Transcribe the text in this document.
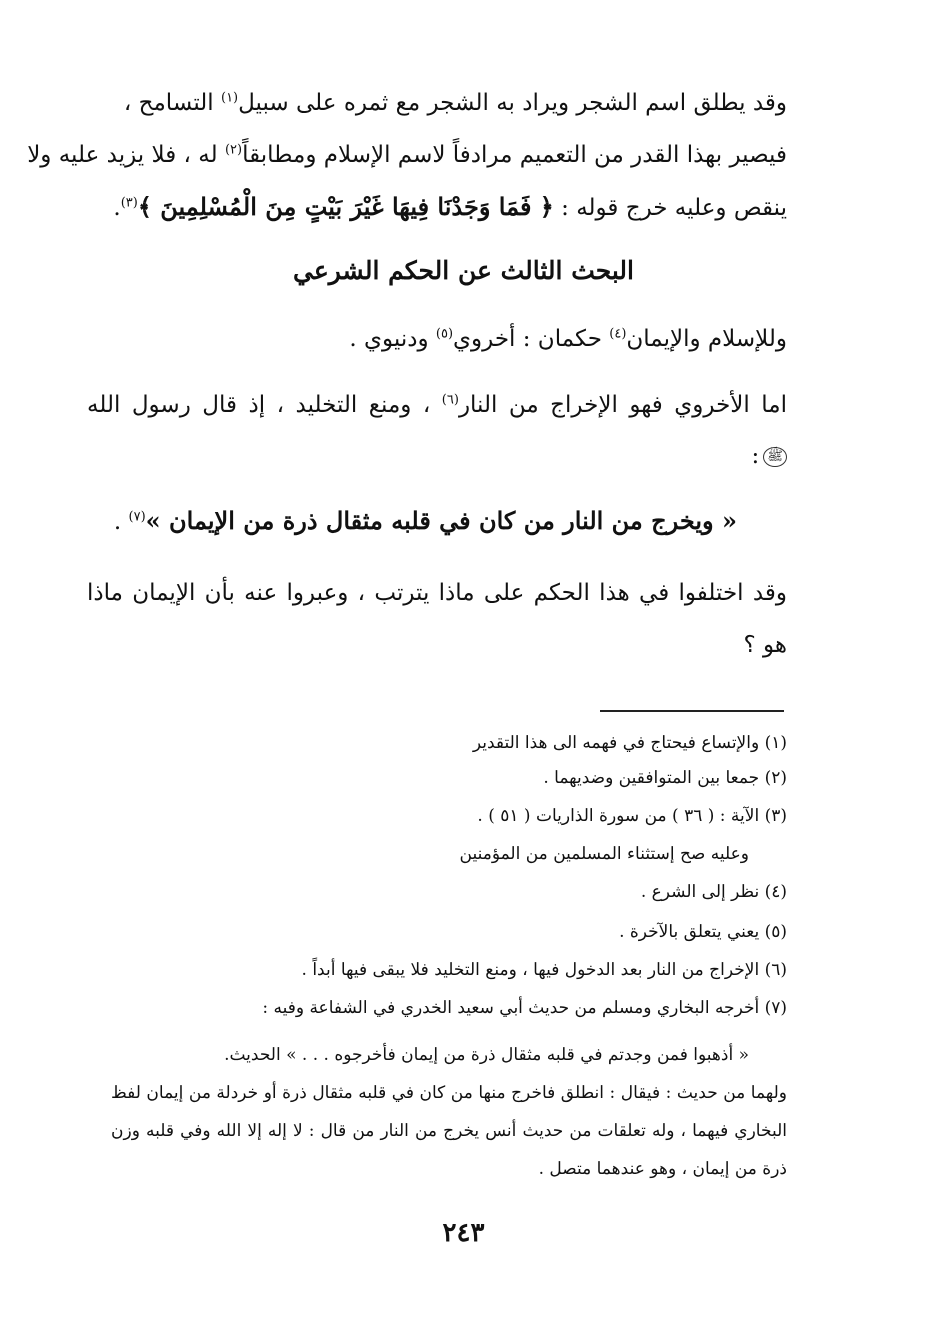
وقد يطلق اسم الشجر ويراد به الشجر مع ثمره على سبيل$^{(١)}$ التسامح ،
فيصير بهذا القدر من التعميم مرادفاً لاسم الإسلام ومطابقاً$^{(٢)}$ له ، فلا يزيد عليه ولا
ينقص وعليه خرج قوله : ﴿ فَمَا وَجَدْنَا فِيهَا غَيْرَ بَيْتٍ مِنَ الْمُسْلِمِينَ ﴾$^{(٣)}$.
البحث الثالث عن الحكم الشرعي
وللإسلام والإيمان$^{(٤)}$ حكمان : أخروي$^{(٥)}$ ودنيوي .
اما الأخروي فهو الإخراج من النار$^{(٦)}$ ، ومنع التخليد ، إذ قال رسول الله
ﷺ:
« ويخرج من النار من كان في قلبه مثقال ذرة من الإيمان »$^{(٧)}$ .
وقد اختلفوا في هذا الحكم على ماذا يترتب ، وعبروا عنه بأن الإيمان ماذا
هو ؟
(١) والإتساع فيحتاج في فهمه الى هذا التقدير
(٢) جمعا بين المتوافقين وضديهما .
(٣) الآية : ( ٣٦ ) من سورة الذاريات ( ٥١ ) .
وعليه صح إستثناء المسلمين من المؤمنين
(٤) نظر إلى الشرع .
(٥) يعني يتعلق بالآخرة .
(٦) الإخراج من النار بعد الدخول فيها ، ومنع التخليد فلا يبقى فيها أبداً .
(٧) أخرجه البخاري ومسلم من حديث أبي سعيد الخدري في الشفاعة وفيه :
« أذهبوا فمن وجدتم في قلبه مثقال ذرة من إيمان فأخرجوه . . . » الحديث.
ولهما من حديث : فيقال : انطلق فاخرج منها من كان في قلبه مثقال ذرة أو خردلة من إيمان لفظ
البخاري فيهما ، وله تعلقات من حديث أنس يخرج من النار من قال : لا إله إلا الله وفي قلبه وزن
ذرة من إيمان ، وهو عندهما متصل .
٢٤٣
